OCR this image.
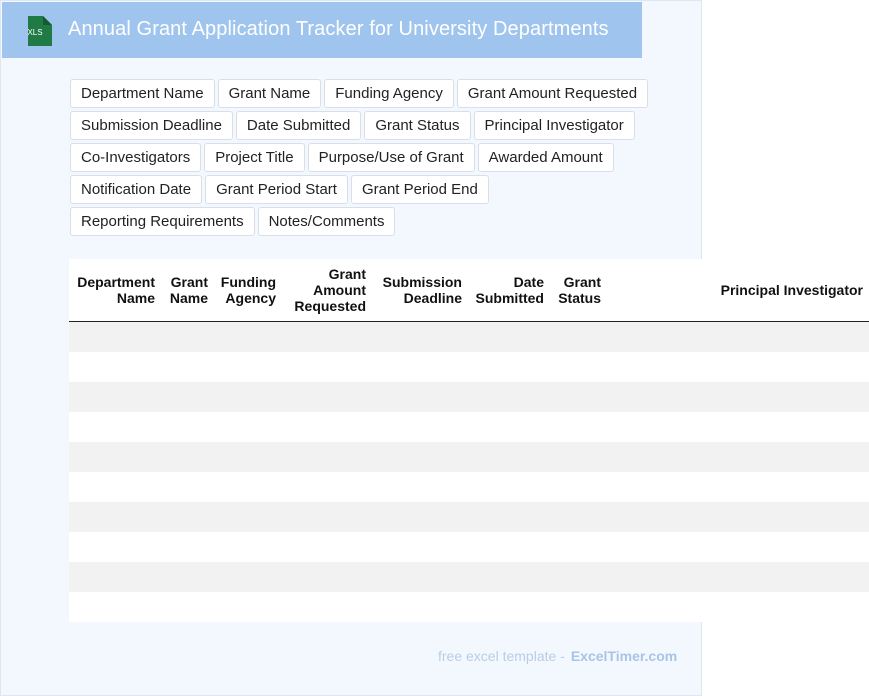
XLS Annual Grant Application Tracker for University Departments
Department Name	Grant Name	Funding Agency	Grant Amount Requested
Submission Deadline	Date Submitted	Grant Status	Principal Investigator
Co-Investigators	Project Title	Purpose/Use of Grant	Awarded Amount
Notification Date	Grant Period Start	Grant Period End
Reporting Requirements	Notes/Comments
Department Name	Grant Name	Funding Agency	Grant Amount Requested	Submission Deadline	Date Submitted	Grant Status	Principal Investigator

free excel template - ExcelTimer.com
